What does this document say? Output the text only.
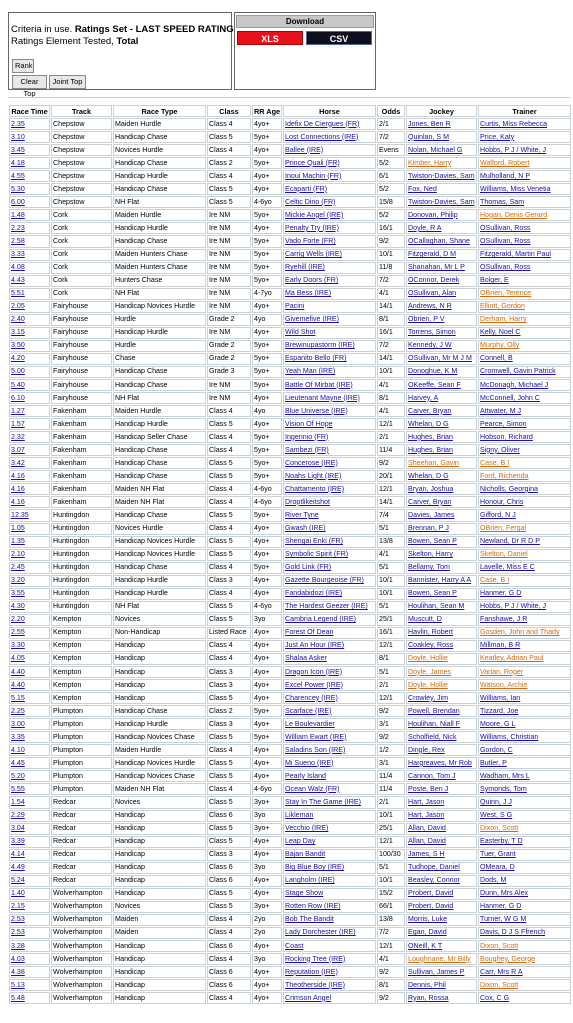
Criteria in use. Ratings Set - LAST SPEED RATING
Ratings Element Tested, Total
Rank
Clear Top
Joint Top
Download
XLS	CSV
Race Time	Track	Race Type	Class	RR Age	Horse	Odds	Jockey	Trainer
2.35	Chepstow	Maiden Hurdle	Class 4	4yo+	Idefix De Ciergues (FR)	2/1	Jones, Ben R	Curtis, Miss Rebecca
3.10	Chepstow	Handicap Chase	Class 5	5yo+	Lost Connections (IRE)	7/2	Quinlan, S M	Price, Katy
3.45	Chepstow	Novices Hurdle	Class 4	4yo+	Ballee (IRE)	Evens	Nolan, Michael G	Hobbs, P J / White, J
4.18	Chepstow	Handicap Chase	Class 2	5yo+	Prince Quali (FR)	5/2	Kimber, Harry	Walford, Robert
4.55	Chepstow	Handicap Hurdle	Class 4	4yo+	Inoui Machin (FR)	6/1	Twiston-Davies, Sam	Mulholland, N P
5.30	Chepstow	Handicap Chase	Class 5	4yo+	Ecaparti (FR)	5/2	Fox, Ned	Williams, Miss Venetia
6.00	Chepstow	NH Flat	Class 5	4-6yo	Celtic Dino (FR)	15/8	Twiston-Davies, Sam	Thomas, Sam
1.48	Cork	Maiden Hurdle	Ire NM	5yo+	Mickie Angel (IRE)	5/2	Donovan, Philip	Hogan, Denis Gerard
2.23	Cork	Handicap Hurdle	Ire NM	4yo+	Penalty Try (IRE)	16/1	Doyle, R A	OSullivan, Ross
2.58	Cork	Handicap Chase	Ire NM	5yo+	Vado Forte (FR)	9/2	OCallaghan, Shane	OSullivan, Ross
3.33	Cork	Maiden Hunters Chase	Ire NM	5yo+	Carrig Wells (IRE)	10/1	Fitzgerald, D M	Fitzgerald, Martin Paul
4.08	Cork	Maiden Hunters Chase	Ire NM	5yo+	Ryehill (IRE)	11/8	Shanahan, Mr L P	OSullivan, Ross
4.43	Cork	Hunters Chase	Ire NM	5yo+	Early Doors (FR)	7/2	OConnor, Derek	Bolger, E
5.51	Cork	NH Flat	Ire NM	4-7yo	Ma Bess (IRE)	4/1	OSullivan, Alan	OBrien, Terence
2.05	Fairyhouse	Handicap Novices Hurdle	Ire NM	4yo+	Pacini	14/1	Andrews, N R	Elliott, Gordon
2.40	Fairyhouse	Hurdle	Grade 2	4yo	Givemefive (IRE)	8/1	Obrien, P V	Derham, Harry
3.15	Fairyhouse	Handicap Hurdle	Ire NM	4yo+	Wild Shot	16/1	Torrens, Simon	Kelly, Noel C
3.50	Fairyhouse	Hurdle	Grade 2	5yo+	Brewinupastorm (IRE)	7/2	Kennedy, J W	Murphy, Olly
4.20	Fairyhouse	Chase	Grade 2	5yo+	Espanito Bello (FR)	14/1	OSullivan, Mr M J M	Connell, B
5.00	Fairyhouse	Handicap Chase	Grade 3	5yo+	Yeah Man (IRE)	10/1	Donoghue, K M	Cromwell, Gavin Patrick
5.40	Fairyhouse	Handicap Chase	Ire NM	5yo+	Battle Of Mirbat (IRE)	4/1	OKeeffe, Sean F	McDonagh, Michael J
6.10	Fairyhouse	NH Flat	Ire NM	4yo+	Lieutenant Mayne (IRE)	8/1	Harvey, A	McConnell, John C
1.27	Fakenham	Maiden Hurdle	Class 4	4yo	Blue Universe (IRE)	4/1	Carver, Bryan	Attwater, M J
1.57	Fakenham	Handicap Hurdle	Class 5	4yo+	Vision Of Hope	12/1	Whelan, D G	Pearce, Simon
2.32	Fakenham	Handicap Seller Chase	Class 4	5yo+	Ingennio (FR)	2/1	Hughes, Brian	Hobson, Richard
3.07	Fakenham	Handicap Chase	Class 4	5yo+	Sambezi (FR)	11/4	Hughes, Brian	Signy, Oliver
3.42	Fakenham	Handicap Chase	Class 5	5yo+	Concerose (IRE)	9/2	Sheehan, Gavin	Case, B I
4.16	Fakenham	Handicap Chase	Class 5	5yo+	Noahs Light (IRE)	20/1	Whelan, D G	Ford, Richenda
4.16	Fakenham	Maiden NH Flat	Class 4	4-6yo	Chattamento (IRE)	12/1	Bryan, Joshua	Nicholls, Georgina
4.16	Fakenham	Maiden NH Flat	Class 4	4-6yo	Droptlikeitshot	14/1	Carver, Bryan	Honour, Chris
12.35	Huntingdon	Handicap Chase	Class 5	5yo+	River Tyne	7/4	Davies, James	Gifford, N J
1.05	Huntingdon	Novices Hurdle	Class 4	4yo+	Gwash (IRE)	5/1	Brennan, P J	OBrien, Fergal
1.35	Huntingdon	Handicap Novices Hurdle	Class 5	4yo+	Shengai Enki (FR)	13/8	Bowen, Sean P	Newland, Dr R D P
2.10	Huntingdon	Handicap Novices Hurdle	Class 5	4yo+	Symbolic Spirit (FR)	4/1	Skelton, Harry	Skelton, Daniel
2.45	Huntingdon	Handicap Chase	Class 4	5yo+	Gold Link (FR)	5/1	Bellamy, Tom	Lavelle, Miss E C
3.20	Huntingdon	Handicap Hurdle	Class 3	4yo+	Gazette Bourgeoise (FR)	10/1	Bannister, Harry A A	Case, B I
3.55	Huntingdon	Handicap Hurdle	Class 4	4yo+	Fandabidozi (IRE)	10/1	Bowen, Sean P	Hanmer, G D
4.30	Huntingdon	NH Flat	Class 5	4-6yo	The Hardest Geezer (IRE)	5/1	Houlihan, Sean M	Hobbs, P J / White, J
2.20	Kempton	Novices	Class 5	3yo	Cambria Legend (IRE)	25/1	Muscutt, D	Fanshawe, J R
2.55	Kempton	Non-Handicap	Listed Race	4yo+	Forest Of Dean	16/1	Havlin, Robert	Gosden, John and Thady
3.30	Kempton	Handicap	Class 4	4yo+	Just An Hour (IRE)	12/1	Coakley, Ross	Millman, B R
4.05	Kempton	Handicap	Class 4	4yo+	Shalaa Asker	8/1	Doyle, Hollie	Keatley, Adrian Paul
4.40	Kempton	Handicap	Class 3	4yo+	Dragon Icon (IRE)	5/1	Doyle, James	Varian, Roger
4.40	Kempton	Handicap	Class 3	4yo+	Excel Power (IRE)	2/1	Doyle, Hollie	Watson, Archie
5.15	Kempton	Handicap	Class 5	4yo+	Charencey (IRE)	12/1	Crowley, Jim	Williams, Ian
2.25	Plumpton	Handicap Chase	Class 2	5yo+	Scarface (IRE)	9/2	Powell, Brendan	Tizzard, Joe
3.00	Plumpton	Handicap Hurdle	Class 3	4yo+	Le Boulevardier	3/1	Houlihan, Niall F	Moore, G L
3.35	Plumpton	Handicap Novices Chase	Class 5	5yo+	William Ewart (IRE)	9/2	Scholfield, Nick	Williams, Christian
4.10	Plumpton	Maiden Hurdle	Class 4	4yo+	Saladins Son (IRE)	1/2	Dingle, Rex	Gordon, C
4.45	Plumpton	Handicap Novices Hurdle	Class 5	4yo+	Mi Sueno (IRE)	3/1	Hargreaves, Mr Rob	Butler, P
5.20	Plumpton	Handicap Novices Chase	Class 5	4yo+	Pearly Island	11/4	Cannon, Tom J	Wadham, Mrs L
5.55	Plumpton	Maiden NH Flat	Class 4	4-6yo	Ocean Walz (FR)	11/4	Poste, Ben J	Symonds, Tom
1.54	Redcar	Novices	Class 5	3yo+	Stay In The Game (IRE)	2/1	Hart, Jason	Quinn, J J
2.29	Redcar	Handicap	Class 6	3yo	Likleman	10/1	Hart, Jason	West, S G
3.04	Redcar	Handicap	Class 5	3yo+	Vecchio (IRE)	25/1	Allan, David	Dixon, Scott
3.39	Redcar	Handicap	Class 5	4yo+	Leap Day	12/1	Allan, David	Easterby, T D
4.14	Redcar	Handicap	Class 3	4yo+	Bajan Bandit	100/30	James, S H	Tuer, Grant
4.49	Redcar	Handicap	Class 6	3yo	Big Blue Boy (IRE)	5/1	Tudhope, Daniel	OMeara, D
5.24	Redcar	Handicap	Class 6	4yo+	Langholm (IRE)	10/1	Beasley, Connor	Dods, M
1.40	Wolverhampton	Handicap	Class 5	4yo+	Stage Show	15/2	Probert, David	Dunn, Mrs Alex
2.15	Wolverhampton	Novices	Class 5	3yo+	Rotten Row (IRE)	66/1	Probert, David	Hanmer, G D
2.53	Wolverhampton	Maiden	Class 4	2yo	Bob The Bandit	13/8	Morris, Luke	Turner, W G M
2.53	Wolverhampton	Maiden	Class 4	2yo	Lady Dorchester (IRE)	7/2	Egan, David	Davis, D J S Ffrench
3.28	Wolverhampton	Handicap	Class 6	4yo+	Coast	12/1	ONeill, K T	Dixon, Scott
4.03	Wolverhampton	Handicap	Class 4	3yo	Rocking Tree (IRE)	4/1	Loughnane, Mr Billy	Boughey, George
4.38	Wolverhampton	Handicap	Class 6	4yo+	Reputation (IRE)	9/2	Sullivan, James P	Carr, Mrs R A
5.13	Wolverhampton	Handicap	Class 6	4yo+	Theotherside (IRE)	8/1	Dennis, Phil	Dixon, Scott
5.48	Wolverhampton	Handicap	Class 4	4yo+	Crimson Angel	9/2	Ryan, Rossa	Cox, C G
